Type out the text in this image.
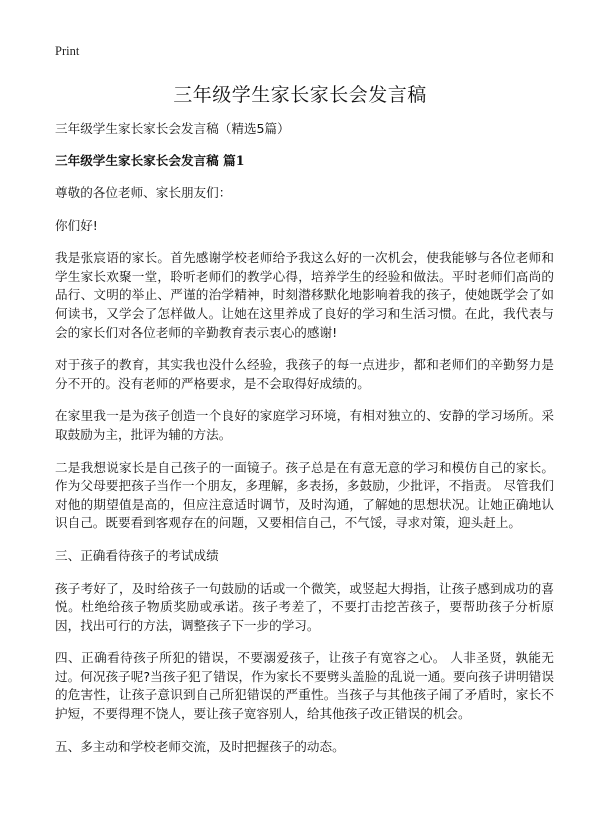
Print
三年级学生家长家长会发言稿

三年级学生家长家长会发言稿（精选5篇）

三年级学生家长家长会发言稿 篇1

尊敬的各位老师、家长朋友们：

你们好!

我是张宸语的家长。首先感谢学校老师给予我这么好的一次机会，使我能够与各位老师和学生家长欢聚一堂，聆听老师们的教学心得，培养学生的经验和做法。平时老师们高尚的品行、文明的举止、严谨的治学精神，时刻潜移默化地影响着我的孩子，使她既学会了如何读书，又学会了怎样做人。让她在这里养成了良好的学习和生活习惯。在此，我代表与会的家长们对各位老师的辛勤教育表示衷心的感谢!

对于孩子的教育，其实我也没什么经验，我孩子的每一点进步，都和老师们的辛勤努力是分不开的。没有老师的严格要求，是不会取得好成绩的。

在家里我一是为孩子创造一个良好的家庭学习环境，有相对独立的、安静的学习场所。采取鼓励为主，批评为辅的方法。

二是我想说家长是自己孩子的一面镜子。孩子总是在有意无意的学习和模仿自己的家长。 作为父母要把孩子当作一个朋友，多理解，多表扬，多鼓励，少批评，不指责。 尽管我们对他的期望值是高的，但应注意适时调节，及时沟通，了解她的思想状况。让她正确地认识自己。既要看到客观存在的问题，又要相信自己，不气馁，寻求对策，迎头赶上。

三、正确看待孩子的考试成绩

孩子考好了，及时给孩子一句鼓励的话或一个微笑，或竖起大拇指，让孩子感到成功的喜悦。杜绝给孩子物质奖励或承诺。孩子考差了，不要打击挖苦孩子，要帮助孩子分析原因，找出可行的方法，调整孩子下一步的学习。

四、正确看待孩子所犯的错误，不要溺爱孩子，让孩子有宽容之心。 人非圣贤，孰能无过。何况孩子呢?当孩子犯了错误，作为家长不要劈头盖脸的乱说一通。要向孩子讲明错误的危害性，让孩子意识到自己所犯错误的严重性。当孩子与其他孩子闹了矛盾时，家长不护短，不要得理不饶人，要让孩子宽容别人，给其他孩子改正错误的机会。

五、多主动和学校老师交流，及时把握孩子的动态。
